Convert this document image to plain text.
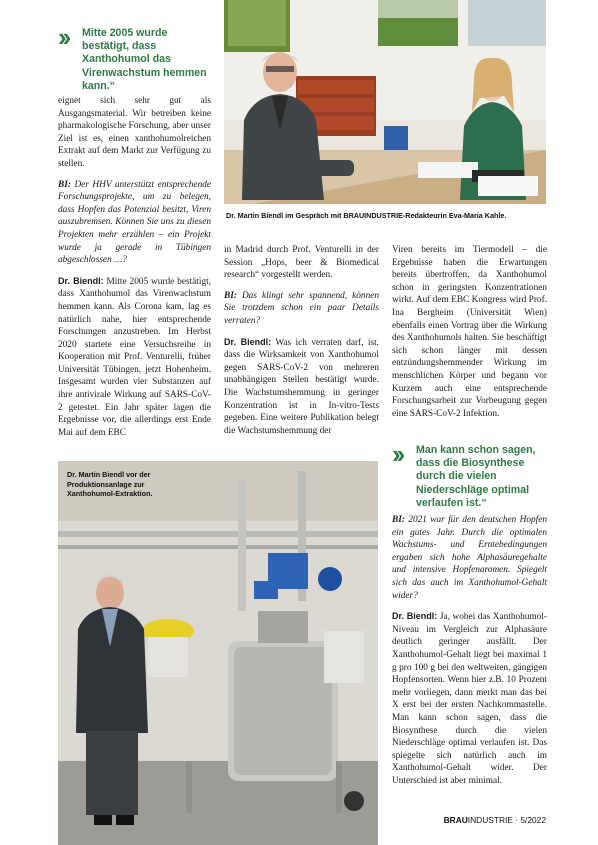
››	Mitte 2005 wurde bestätigt, dass Xanthohumol das Virenwachstum hemmen kann.“
Dr. Martin Biendl im Gespräch mit BRAUINDUSTRIE-Redakteurin Eva-Maria Kahle.

eignet sich sehr gut als Ausgangsmaterial. Wir betreiben keine pharmakologische Forschung, aber unser Ziel ist es, einen xanthohumolreichen Extrakt auf dem Markt zur Verfügung zu stellen.

BI: Der HHV unterstützt entsprechende Forschungsprojekte, um zu belegen, dass Hopfen das Potenzial besitzt, Viren auszubremsen. Können Sie uns zu diesen Projekten mehr erzählen – ein Projekt wurde ja gerade in Tübingen abgeschlossen …?

Dr. Biendl: Mitte 2005 wurde bestätigt, dass Xanthohumol das Virenwachstum hemmen kann. Als Corona kam, lag es natürlich nahe, hier entsprechende Forschungen anzustreben. Im Herbst 2020 startete eine Versuchsreihe in Kooperation mit Prof. Venturelli, früher Universität Tübingen, jetzt Hohenheim. Insgesamt wurden vier Substanzen auf ihre antivirale Wirkung auf SARS-CoV-2 getestet. Ein Jahr später lagen die Ergebnisse vor, die allerdings erst Ende Mai auf dem EBC

in Madrid durch Prof. Venturelli in der Session „Hops, beer & Biomedical research“ vorgestellt werden.

BI: Das klingt sehr spannend, können Sie trotzdem schon ein paar Details verraten?

Dr. Biendl: Was ich verraten darf, ist, dass die Wirksamkeit von Xanthohumol gegen SARS-CoV-2 von mehreren unabhängigen Stellen bestätigt wurde. Die Wachstumshemmung in geringer Konzentration ist in In-vitro-Tests gegeben. Eine weitere Publikation belegt die Wachstumshemmung der

Viren bereits im Tiermodell – die Ergebnisse haben die Erwartungen bereits übertroffen, da Xanthohumol schon in geringsten Konzentrationen wirkt. Auf dem EBC Kongress wird Prof. Ina Bergheim (Universität Wien) ebenfalls einen Vortrag über die Wirkung des Xanthohumols halten. Sie beschäftigt sich schon länger mit dessen entzündungshemmender Wirkung im menschlichen Körper und begann vor Kurzem auch eine entsprechende Forschungsarbeit zur Vorbeugung gegen eine SARS-CoV-2 Infektion.

››	Man kann schon sagen, dass die Biosynthese durch die vielen Niederschläge optimal verlaufen ist.“

BI: 2021 war für den deutschen Hopfen ein gutes Jahr. Durch die optimalen Wachstums- und Erntebedingungen ergaben sich hohe Alphasäuregehalte und intensive Hopfenaromen. Spiegelt sich das auch im Xanthohumol-Gehalt wider?

Dr. Biendl: Ja, wobei das Xanthohumol-Niveau im Vergleich zur Alphasäure deutlich geringer ausfällt. Der Xanthohumol-Gehalt liegt bei maximal 1 g pro 100 g bei den weltweiten, gängigen Hopfensorten. Wenn hier z.B. 10 Prozent mehr vorliegen, dann merkt man das bei X erst bei der ersten Nachkommastelle. Man kann schon sagen, dass die Biosynthese durch die vielen Niederschläge optimal verlaufen ist. Das spiegelte sich natürlich auch im Xanthohumol-Gehalt wider. Der Unterschied ist aber minimal.

Dr. Martin Biendl vor der Produktionsanlage zur Xanthohumol-Extraktion.
BRAUINDUSTRIE · 5/2022
